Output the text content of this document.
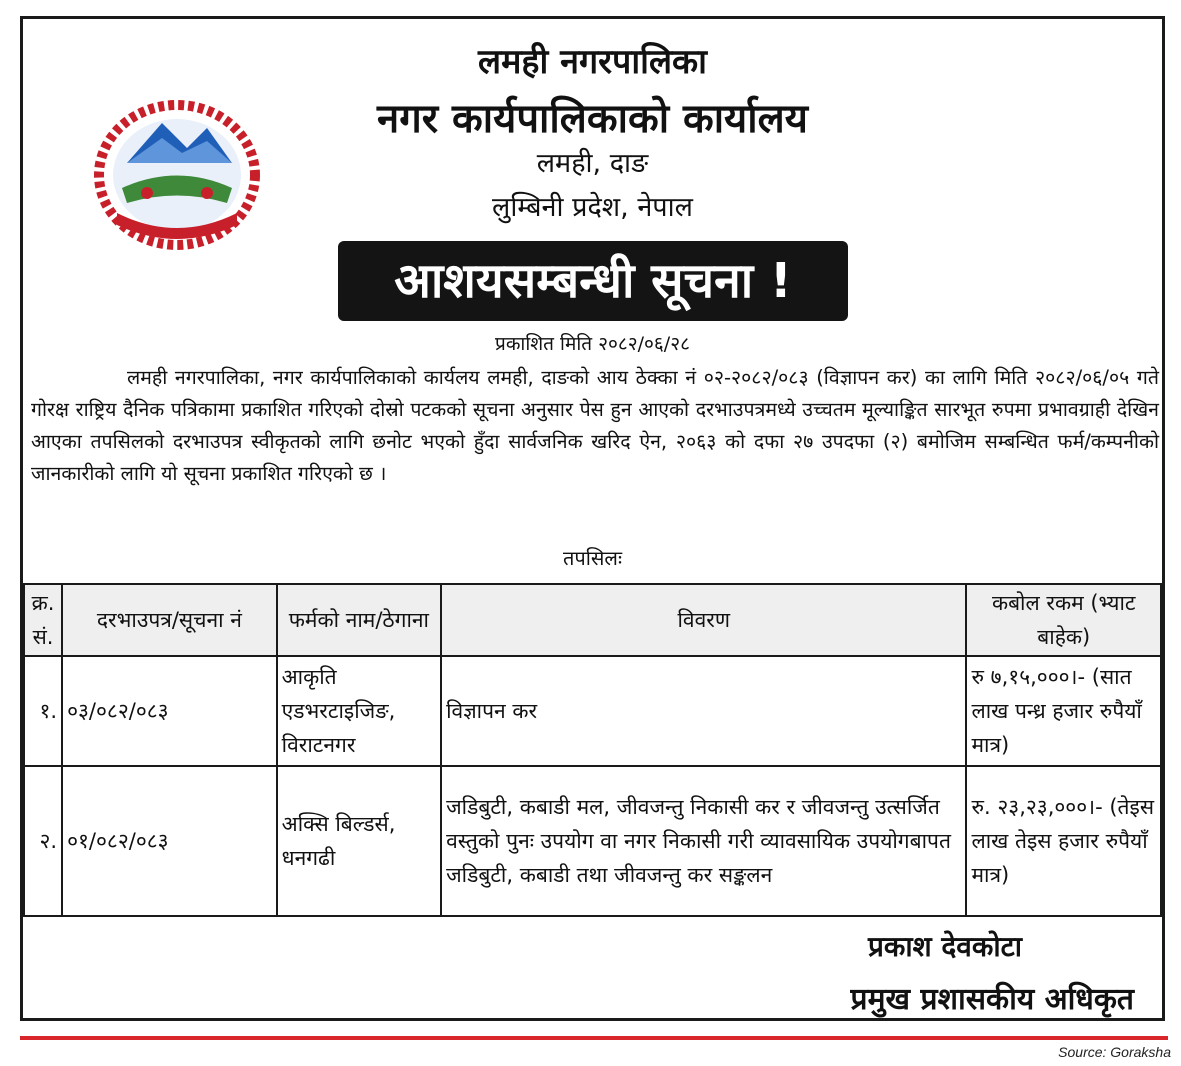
लमही नगरपालिका
नगर कार्यपालिकाको कार्यालय
लमही, दाङ
लुम्बिनी प्रदेश, नेपाल
आशयसम्बन्धी सूचना !
प्रकाशित मिति २०८२/०६/२८
लमही नगरपालिका, नगर कार्यपालिकाको कार्यलय लमही, दाङको आय ठेक्का नं ०२-२०८२/०८३ (विज्ञापन कर) का लागि मिति २०८२/०६/०५ गते गोरक्ष राष्ट्रिय दैनिक पत्रिकामा प्रकाशित गरिएको दोस्रो पटकको सूचना अनुसार पेस हुन आएको दरभाउपत्रमध्ये उच्चतम मूल्याङ्कित सारभूत रुपमा प्रभावग्राही देखिन आएका तपसिलको दरभाउपत्र स्वीकृतको लागि छनोट भएको हुँदा सार्वजनिक खरिद ऐन, २०६३ को दफा २७ उपदफा (२) बमोजिम सम्बन्धित फर्म/कम्पनीको जानकारीको लागि यो सूचना प्रकाशित गरिएको छ ।
तपसिलः
क्र. सं.	दरभाउपत्र/सूचना नं	फर्मको नाम/ठेगाना	विवरण	कबोल रकम (भ्याट बाहेक)
१.	०३/०८२/०८३	आकृति एडभरटाइजिङ, विराटनगर	विज्ञापन कर	रु ७,१५,०००।- (सात लाख पन्ध्र हजार रुपैयाँ मात्र)
२.	०१/०८२/०८३	अक्सि बिल्डर्स, धनगढी	जडिबुटी, कबाडी मल, जीवजन्तु निकासी कर र जीवजन्तु उत्सर्जित वस्तुको पुनः उपयोग वा नगर निकासी गरी व्यावसायिक उपयोगबापत जडिबुटी, कबाडी तथा जीवजन्तु कर सङ्कलन	रु. २३,२३,०००।- (तेइस लाख तेइस हजार रुपैयाँ मात्र)
प्रकाश देवकोटा
प्रमुख प्रशासकीय अधिकृत
Source: Goraksha
